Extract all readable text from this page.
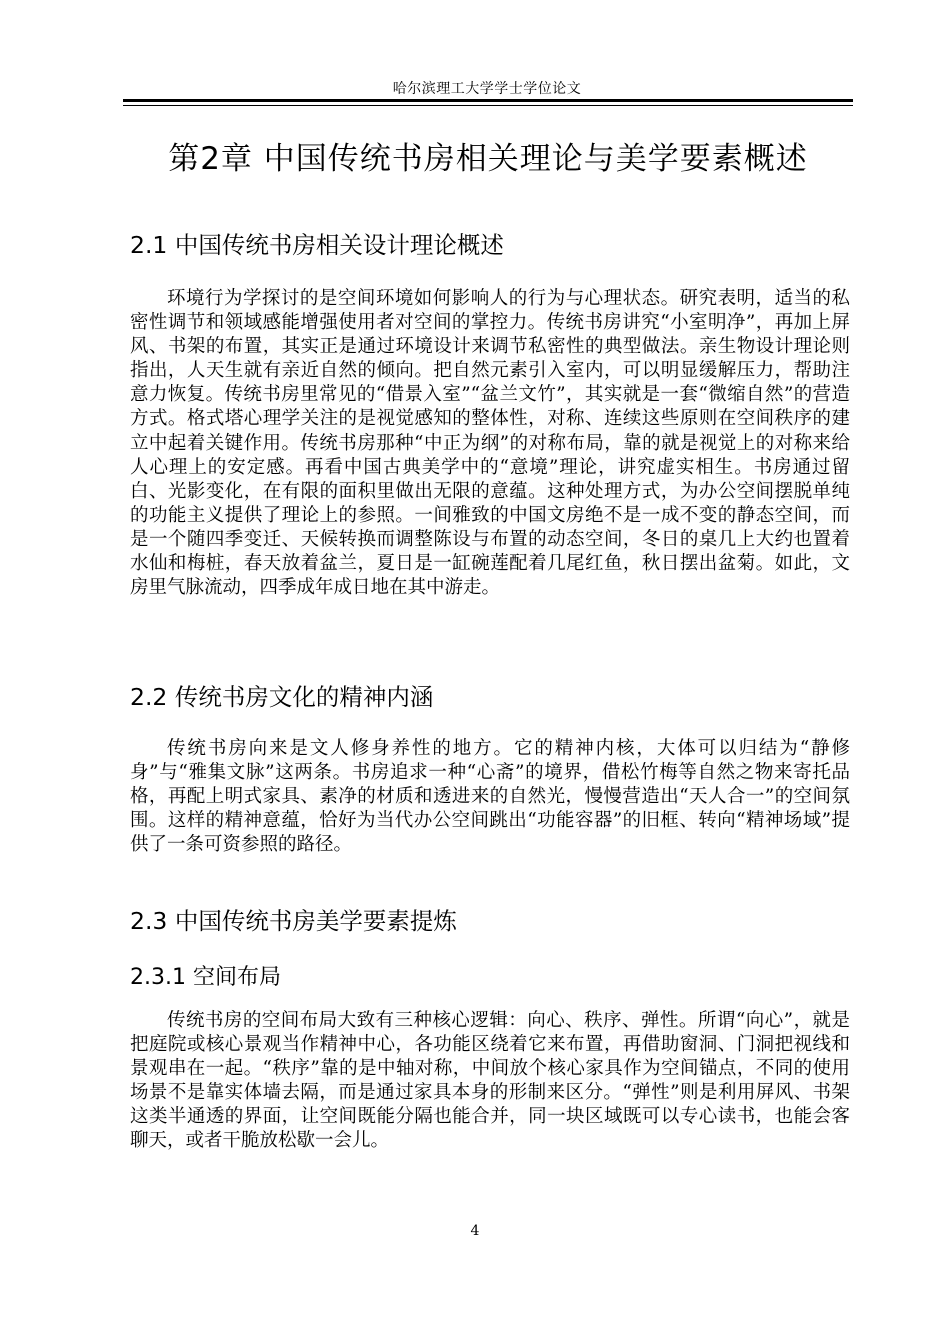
哈尔滨理工大学学士学位论文
第2章 中国传统书房相关理论与美学要素概述
2.1 中国传统书房相关设计理论概述

环境行为学探讨的是空间环境如何影响人的行为与心理状态。研究表明，适当的私密性调节和领域感能增强使用者对空间的掌控力。传统书房讲究“小室明净”，再加上屏风、书架的布置，其实正是通过环境设计来调节私密性的典型做法。亲生物设计理论则指出，人天生就有亲近自然的倾向。把自然元素引入室内，可以明显缓解压力，帮助注意力恢复。传统书房里常见的“借景入室”“盆兰文竹”，其实就是一套“微缩自然”的营造方式。格式塔心理学关注的是视觉感知的整体性，对称、连续这些原则在空间秩序的建立中起着关键作用。传统书房那种“中正为纲”的对称布局，靠的就是视觉上的对称来给人心理上的安定感。再看中国古典美学中的“意境”理论，讲究虚实相生。书房通过留白、光影变化，在有限的面积里做出无限的意蕴。这种处理方式，为办公空间摆脱单纯的功能主义提供了理论上的参照。一间雅致的中国文房绝不是一成不变的静态空间，而是一个随四季变迁、天候转换而调整陈设与布置的动态空间，冬日的桌几上大约也置着水仙和梅桩，春天放着盆兰，夏日是一缸碗莲配着几尾红鱼，秋日摆出盆菊。如此，文房里气脉流动，四季成年成日地在其中游走。

2.2 传统书房文化的精神内涵

传统书房向来是文人修身养性的地方。它的精神内核，大体可以归结为“静修身”与“雅集文脉”这两条。书房追求一种“心斋”的境界，借松竹梅等自然之物来寄托品格，再配上明式家具、素净的材质和透进来的自然光，慢慢营造出“天人合一”的空间氛围。这样的精神意蕴，恰好为当代办公空间跳出“功能容器”的旧框、转向“精神场域”提供了一条可资参照的路径。

2.3 中国传统书房美学要素提炼
2.3.1 空间布局

传统书房的空间布局大致有三种核心逻辑：向心、秩序、弹性。所谓“向心”，就是把庭院或核心景观当作精神中心，各功能区绕着它来布置，再借助窗洞、门洞把视线和景观串在一起。“秩序”靠的是中轴对称，中间放个核心家具作为空间锚点，不同的使用场景不是靠实体墙去隔，而是通过家具本身的形制来区分。“弹性”则是利用屏风、书架这类半通透的界面，让空间既能分隔也能合并，同一块区域既可以专心读书，也能会客聊天，或者干脆放松歇一会儿。

4
